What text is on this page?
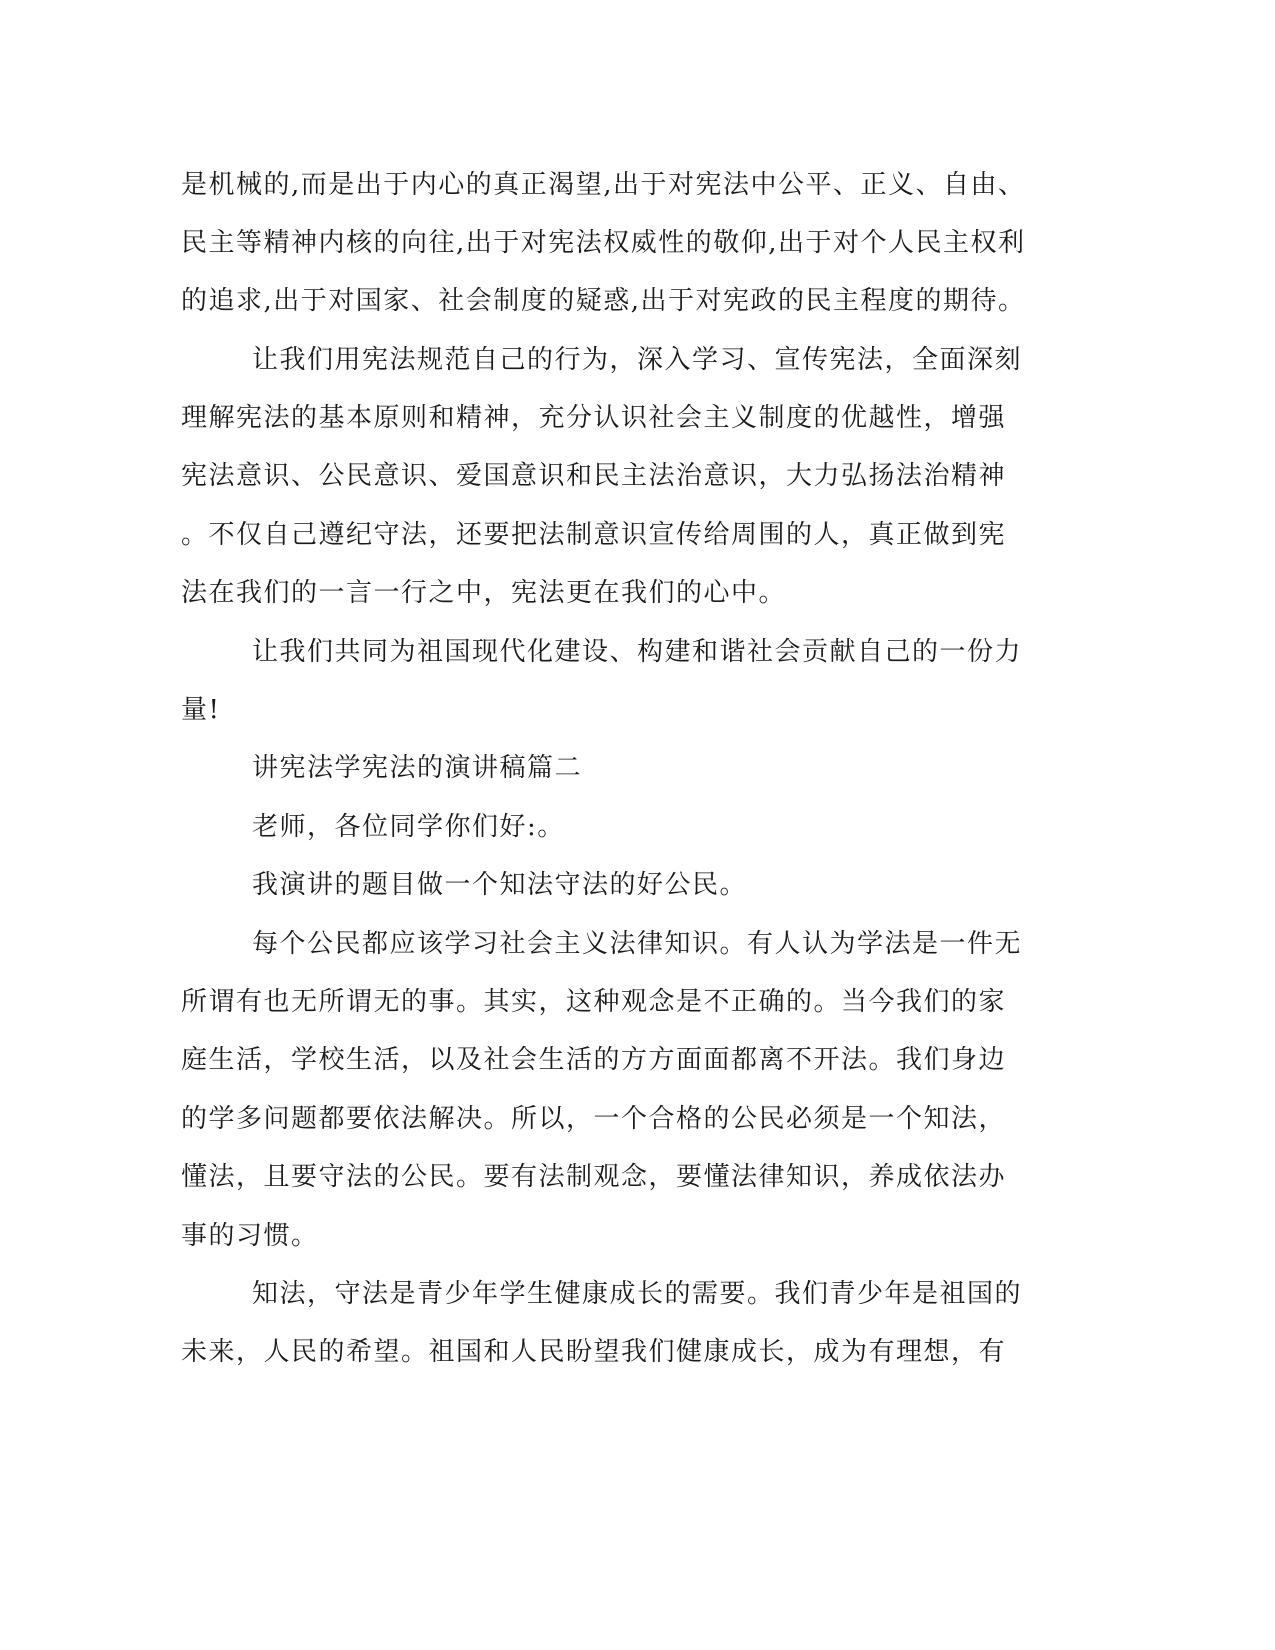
是机械的,而是出于内心的真正渴望,出于对宪法中公平、正义、自由、

民主等精神内核的向往,出于对宪法权威性的敬仰,出于对个人民主权利

的追求,出于对国家、社会制度的疑惑,出于对宪政的民主程度的期待。

让我们用宪法规范自己的行为，深入学习、宣传宪法，全面深刻

理解宪法的基本原则和精神，充分认识社会主义制度的优越性，增强

宪法意识、公民意识、爱国意识和民主法治意识，大力弘扬法治精神

。不仅自己遵纪守法，还要把法制意识宣传给周围的人，真正做到宪

法在我们的一言一行之中，宪法更在我们的心中。

让我们共同为祖国现代化建设、构建和谐社会贡献自己的一份力

量!

讲宪法学宪法的演讲稿篇二

老师，各位同学你们好:。

我演讲的题目做一个知法守法的好公民。

每个公民都应该学习社会主义法律知识。有人认为学法是一件无

所谓有也无所谓无的事。其实，这种观念是不正确的。当今我们的家

庭生活，学校生活，以及社会生活的方方面面都离不开法。我们身边

的学多问题都要依法解决。所以，一个合格的公民必须是一个知法，

懂法，且要守法的公民。要有法制观念，要懂法律知识，养成依法办

事的习惯。

知法，守法是青少年学生健康成长的需要。我们青少年是祖国的

未来，人民的希望。祖国和人民盼望我们健康成长，成为有理想，有
